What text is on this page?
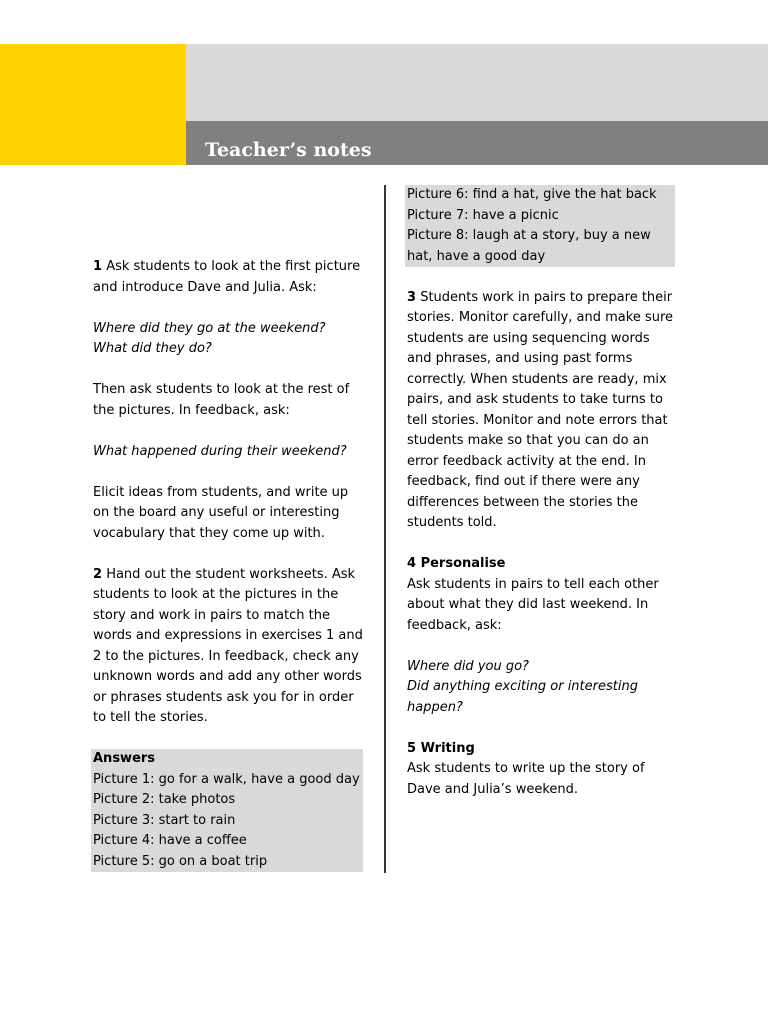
Teacher’s notes

1 Ask students to look at the first picture and introduce Dave and Julia. Ask:

Where did they go at the weekend?

What did they do?

Then ask students to look at the rest of the pictures. In feedback, ask:

What happened during their weekend?

Elicit ideas from students, and write up on the board any useful or interesting vocabulary that they come up with.

2 Hand out the student worksheets. Ask students to look at the pictures in the story and work in pairs to match the words and expressions in exercises 1 and 2 to the pictures. In feedback, check any unknown words and add any other words or phrases students ask you for in order to tell the stories.

Answers

Picture 1: go for a walk, have a good day

Picture 2: take photos

Picture 3: start to rain

Picture 4: have a coffee

Picture 5: go on a boat trip

Picture 6: find a hat, give the hat back

Picture 7: have a picnic

Picture 8: laugh at a story, buy a new hat, have a good day

3 Students work in pairs to prepare their stories. Monitor carefully, and make sure students are using sequencing words and phrases, and using past forms correctly. When students are ready, mix pairs, and ask students to take turns to tell stories. Monitor and note errors that students make so that you can do an error feedback activity at the end. In feedback, find out if there were any differences between the stories the students told.

4 Personalise

Ask students in pairs to tell each other about what they did last weekend. In feedback, ask:

Where did you go?

Did anything exciting or interesting happen?

5 Writing

Ask students to write up the story of Dave and Julia’s weekend.
